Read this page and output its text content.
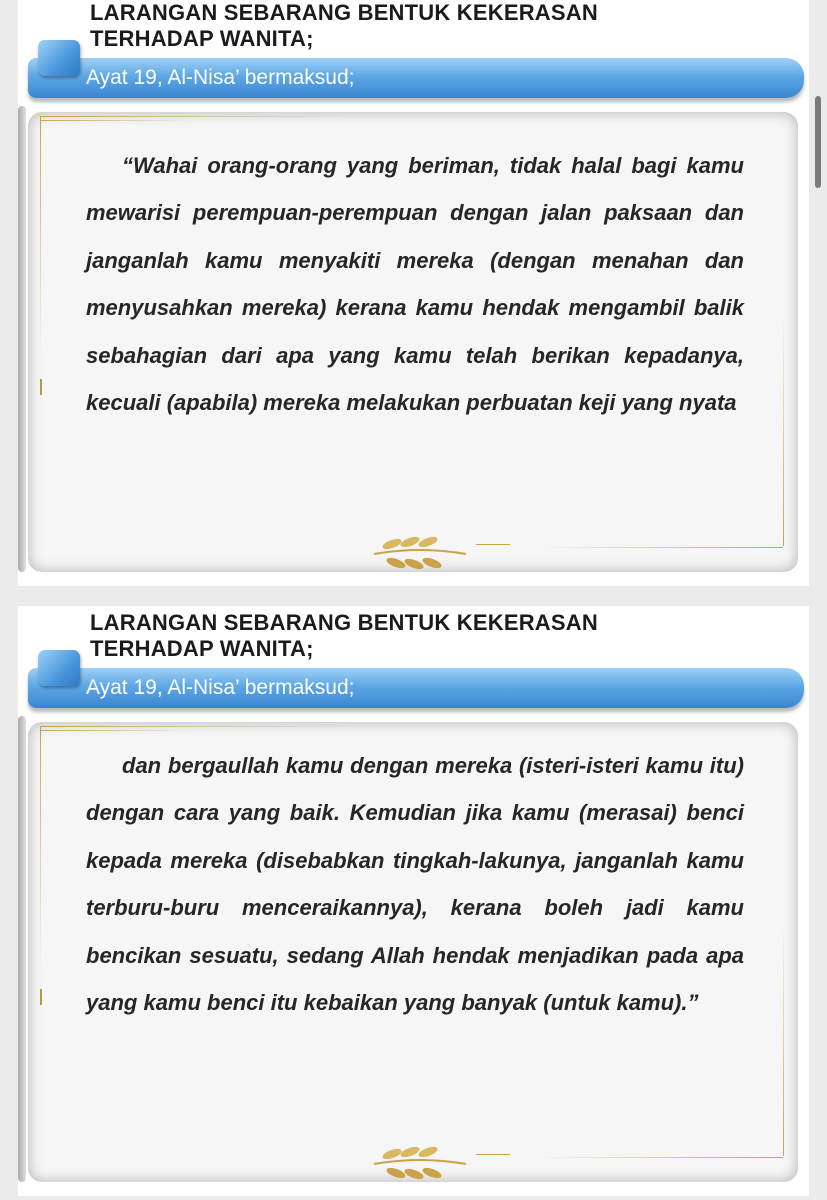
LARANGAN SEBARANG BENTUK KEKERASAN
TERHADAP WANITA;
Ayat 19, Al-Nisa’ bermaksud;

“Wahai orang-orang yang beriman, tidak halal bagi kamu mewarisi perempuan-perempuan dengan jalan paksaan dan janganlah kamu menyakiti mereka (dengan menahan dan menyusahkan mereka) kerana kamu hendak mengambil balik sebahagian dari apa yang kamu telah berikan kepadanya, kecuali (apabila) mereka melakukan perbuatan keji yang nyata

LARANGAN SEBARANG BENTUK KEKERASAN
TERHADAP WANITA;
Ayat 19, Al-Nisa’ bermaksud;

dan bergaullah kamu dengan mereka (isteri-isteri kamu itu) dengan cara yang baik. Kemudian jika kamu (merasai) benci kepada mereka (disebabkan tingkah-lakunya, janganlah kamu terburu-buru menceraikannya), kerana boleh jadi kamu bencikan sesuatu, sedang Allah hendak menjadikan pada apa yang kamu benci itu kebaikan yang banyak (untuk kamu).”
